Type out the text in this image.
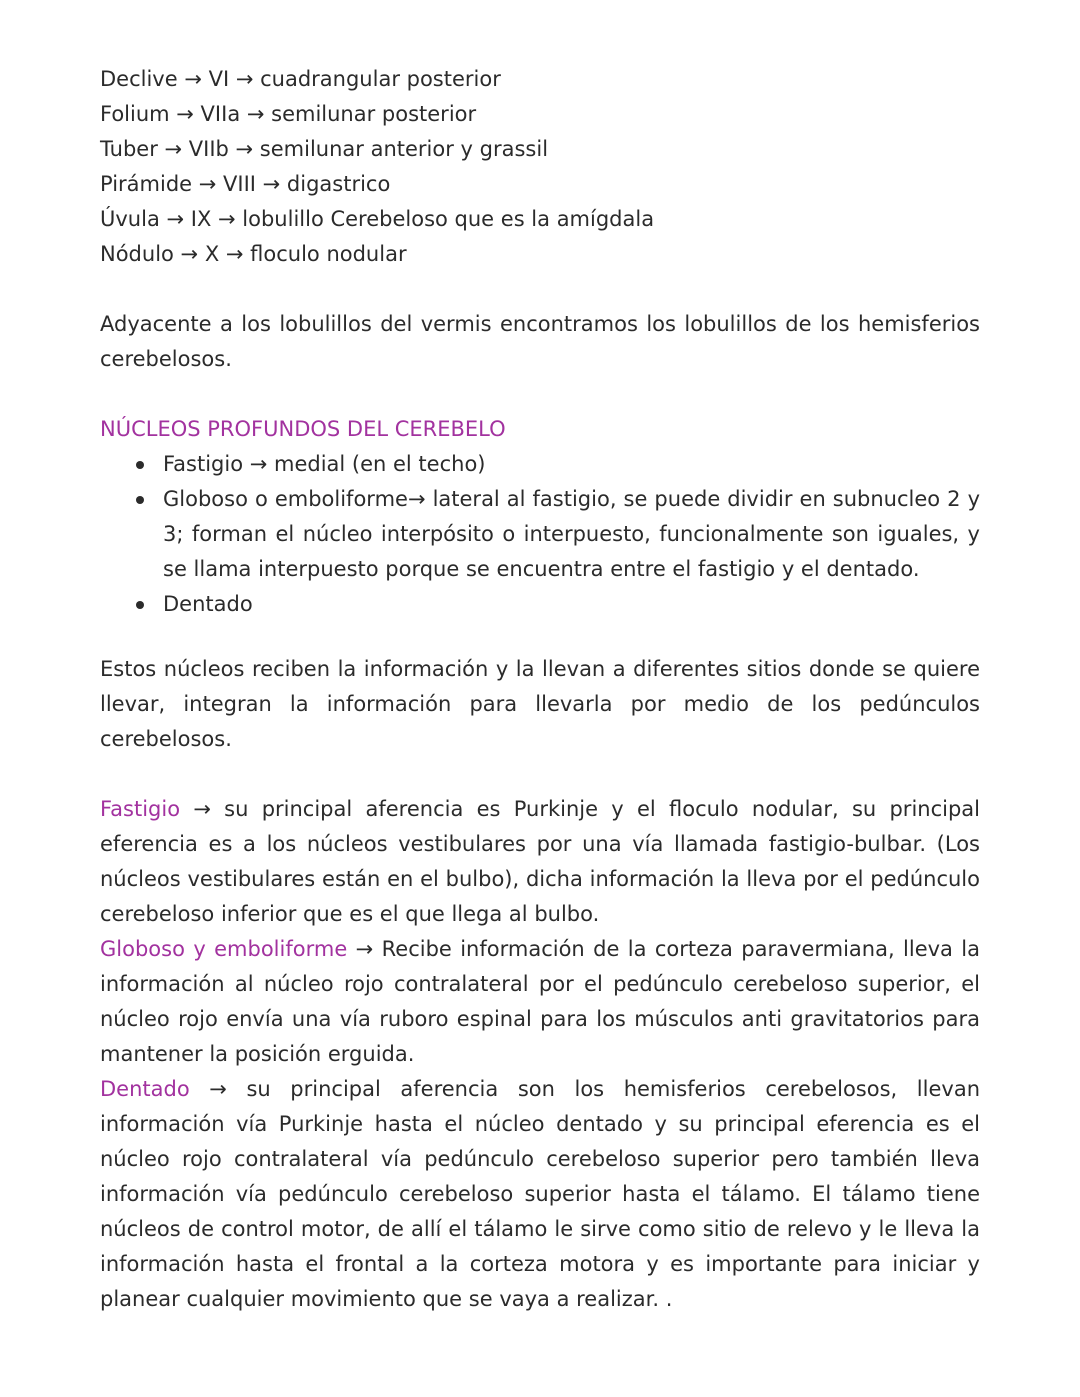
Declive → VI → cuadrangular posterior
Folium → VIIa → semilunar posterior
Tuber → VIIb → semilunar anterior y grassil
Pirámide → VIII → digastrico
Úvula → IX → lobulillo Cerebeloso que es la amígdala
Nódulo → X → floculo nodular
Adyacente a los lobulillos del vermis encontramos los lobulillos de los hemisferios cerebelosos.
NÚCLEOS PROFUNDOS DEL CEREBELO
Fastigio → medial (en el techo)
Globoso o emboliforme→ lateral al fastigio, se puede dividir en subnucleo 2 y 3; forman el núcleo interpósito o interpuesto, funcionalmente son iguales, y se llama interpuesto porque se encuentra entre el fastigio y el dentado.
Dentado
Estos núcleos reciben la información y la llevan a diferentes sitios donde se quiere llevar, integran la información para llevarla por medio de los pedúnculos cerebelosos.
Fastigio → su principal aferencia es Purkinje y el floculo nodular, su principal eferencia es a los núcleos vestibulares por una vía llamada fastigio-bulbar. (Los núcleos vestibulares están en el bulbo), dicha información la lleva por el pedúnculo cerebeloso inferior que es el que llega al bulbo.
Globoso y emboliforme → Recibe información de la corteza paravermiana, lleva la información al núcleo rojo contralateral por el pedúnculo cerebeloso superior, el núcleo rojo envía una vía ruboro espinal para los músculos anti gravitatorios para mantener la posición erguida.
Dentado → su principal aferencia son los hemisferios cerebelosos, llevan información vía Purkinje hasta el núcleo dentado y su principal eferencia es el núcleo rojo contralateral vía pedúnculo cerebeloso superior pero también lleva información vía pedúnculo cerebeloso superior hasta el tálamo. El tálamo tiene núcleos de control motor, de allí el tálamo le sirve como sitio de relevo y le lleva la información hasta el frontal a la corteza motora y es importante para iniciar y planear cualquier movimiento que se vaya a realizar. .
